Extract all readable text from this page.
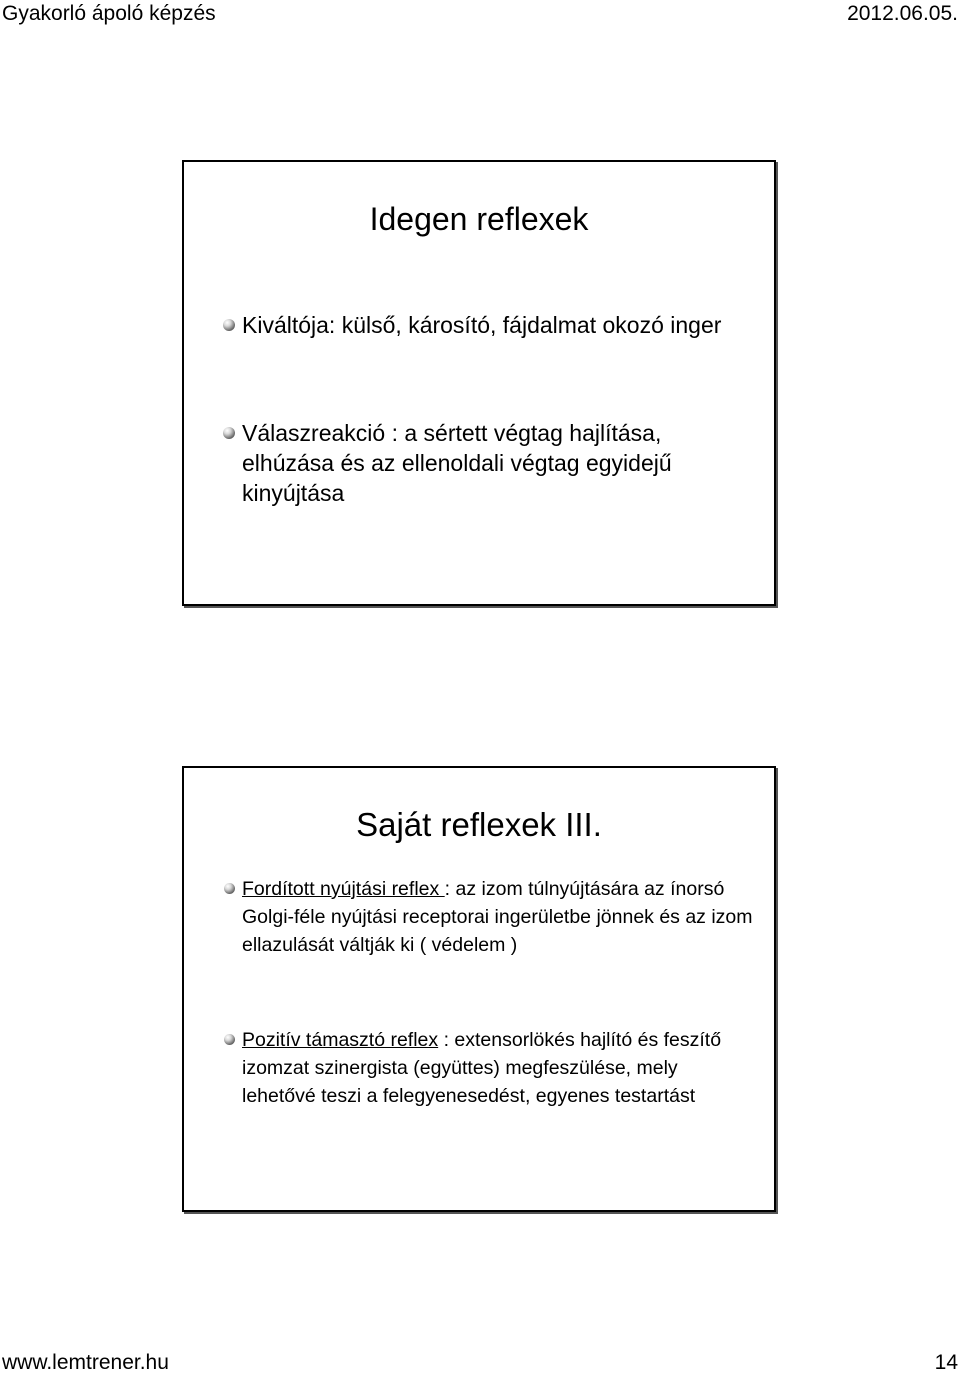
Gyakorló ápoló képzés	2012.06.05.
Idegen reflexek
Kiváltója: külső, károsító, fájdalmat okozó inger
Válaszreakció : a sértett végtag hajlítása, elhúzása és az ellenoldali végtag egyidejű kinyújtása
Saját reflexek III.
Fordított nyújtási reflex : az izom túlnyújtására az ínorsó Golgi-féle nyújtási receptorai ingerületbe jönnek és az izom ellazulását váltják ki ( védelem )
Pozitív támasztó reflex : extensorlökés hajlító és feszítő izomzat szinergista (együttes) megfeszülése, mely lehetővé teszi a felegyenesedést, egyenes testartást
www.lemtrener.hu	14
